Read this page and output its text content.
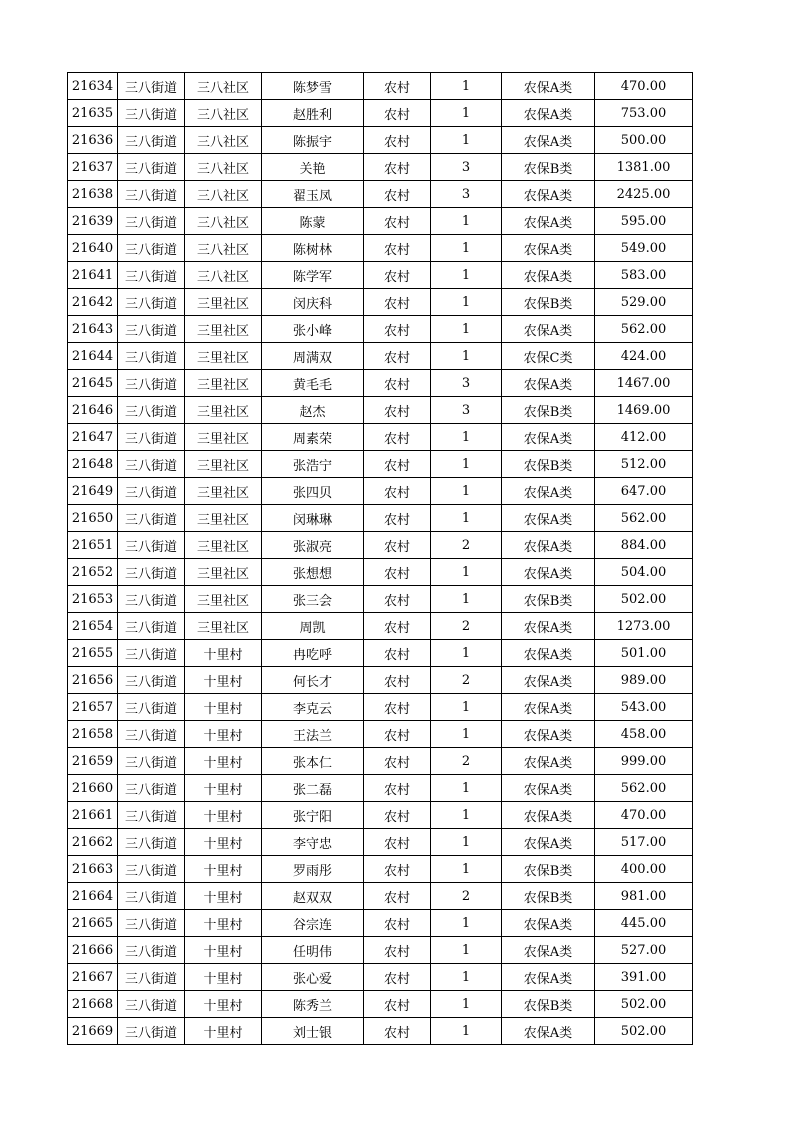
21634	三八街道	三八社区	陈梦雪	农村	1	农保A类	470.00
21635	三八街道	三八社区	赵胜利	农村	1	农保A类	753.00
21636	三八街道	三八社区	陈振宇	农村	1	农保A类	500.00
21637	三八街道	三八社区	关艳	农村	3	农保B类	1381.00
21638	三八街道	三八社区	翟玉凤	农村	3	农保A类	2425.00
21639	三八街道	三八社区	陈蒙	农村	1	农保A类	595.00
21640	三八街道	三八社区	陈树林	农村	1	农保A类	549.00
21641	三八街道	三八社区	陈学军	农村	1	农保A类	583.00
21642	三八街道	三里社区	闵庆科	农村	1	农保B类	529.00
21643	三八街道	三里社区	张小峰	农村	1	农保A类	562.00
21644	三八街道	三里社区	周满双	农村	1	农保C类	424.00
21645	三八街道	三里社区	黄毛毛	农村	3	农保A类	1467.00
21646	三八街道	三里社区	赵杰	农村	3	农保B类	1469.00
21647	三八街道	三里社区	周素荣	农村	1	农保A类	412.00
21648	三八街道	三里社区	张浩宁	农村	1	农保B类	512.00
21649	三八街道	三里社区	张四贝	农村	1	农保A类	647.00
21650	三八街道	三里社区	闵琳琳	农村	1	农保A类	562.00
21651	三八街道	三里社区	张淑亮	农村	2	农保A类	884.00
21652	三八街道	三里社区	张想想	农村	1	农保A类	504.00
21653	三八街道	三里社区	张三会	农村	1	农保B类	502.00
21654	三八街道	三里社区	周凯	农村	2	农保A类	1273.00
21655	三八街道	十里村	冉吃呼	农村	1	农保A类	501.00
21656	三八街道	十里村	何长才	农村	2	农保A类	989.00
21657	三八街道	十里村	李克云	农村	1	农保A类	543.00
21658	三八街道	十里村	王法兰	农村	1	农保A类	458.00
21659	三八街道	十里村	张本仁	农村	2	农保A类	999.00
21660	三八街道	十里村	张二磊	农村	1	农保A类	562.00
21661	三八街道	十里村	张宁阳	农村	1	农保A类	470.00
21662	三八街道	十里村	李守忠	农村	1	农保A类	517.00
21663	三八街道	十里村	罗雨彤	农村	1	农保B类	400.00
21664	三八街道	十里村	赵双双	农村	2	农保B类	981.00
21665	三八街道	十里村	谷宗连	农村	1	农保A类	445.00
21666	三八街道	十里村	任明伟	农村	1	农保A类	527.00
21667	三八街道	十里村	张心爱	农村	1	农保A类	391.00
21668	三八街道	十里村	陈秀兰	农村	1	农保B类	502.00
21669	三八街道	十里村	刘士银	农村	1	农保A类	502.00
